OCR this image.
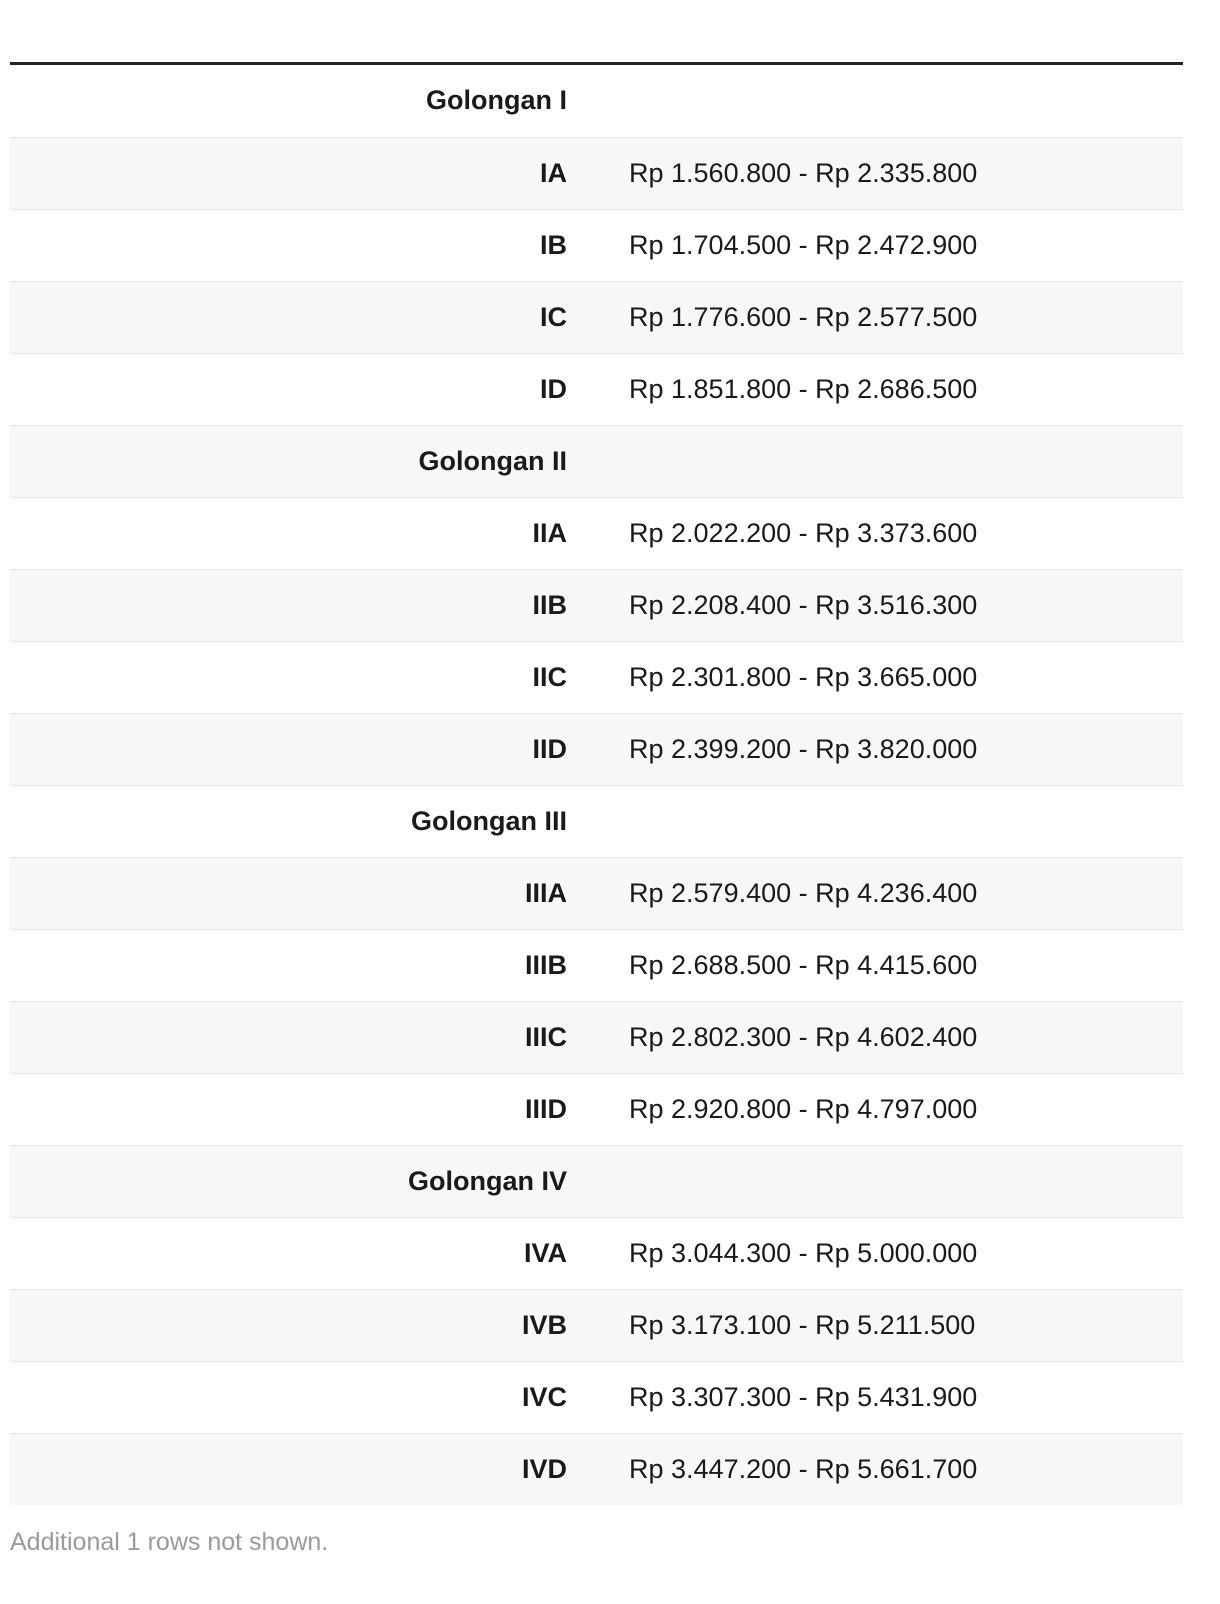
Golongan I	
IA	Rp 1.560.800 - Rp 2.335.800
IB	Rp 1.704.500 - Rp 2.472.900
IC	Rp 1.776.600 - Rp 2.577.500
ID	Rp 1.851.800 - Rp 2.686.500
Golongan II	
IIA	Rp 2.022.200 - Rp 3.373.600
IIB	Rp 2.208.400 - Rp 3.516.300
IIC	Rp 2.301.800 - Rp 3.665.000
IID	Rp 2.399.200 - Rp 3.820.000
Golongan III	
IIIA	Rp 2.579.400 - Rp 4.236.400
IIIB	Rp 2.688.500 - Rp 4.415.600
IIIC	Rp 2.802.300 - Rp 4.602.400
IIID	Rp 2.920.800 - Rp 4.797.000
Golongan IV	
IVA	Rp 3.044.300 - Rp 5.000.000
IVB	Rp 3.173.100 - Rp 5.211.500
IVC	Rp 3.307.300 - Rp 5.431.900
IVD	Rp 3.447.200 - Rp 5.661.700
Additional 1 rows not shown.
